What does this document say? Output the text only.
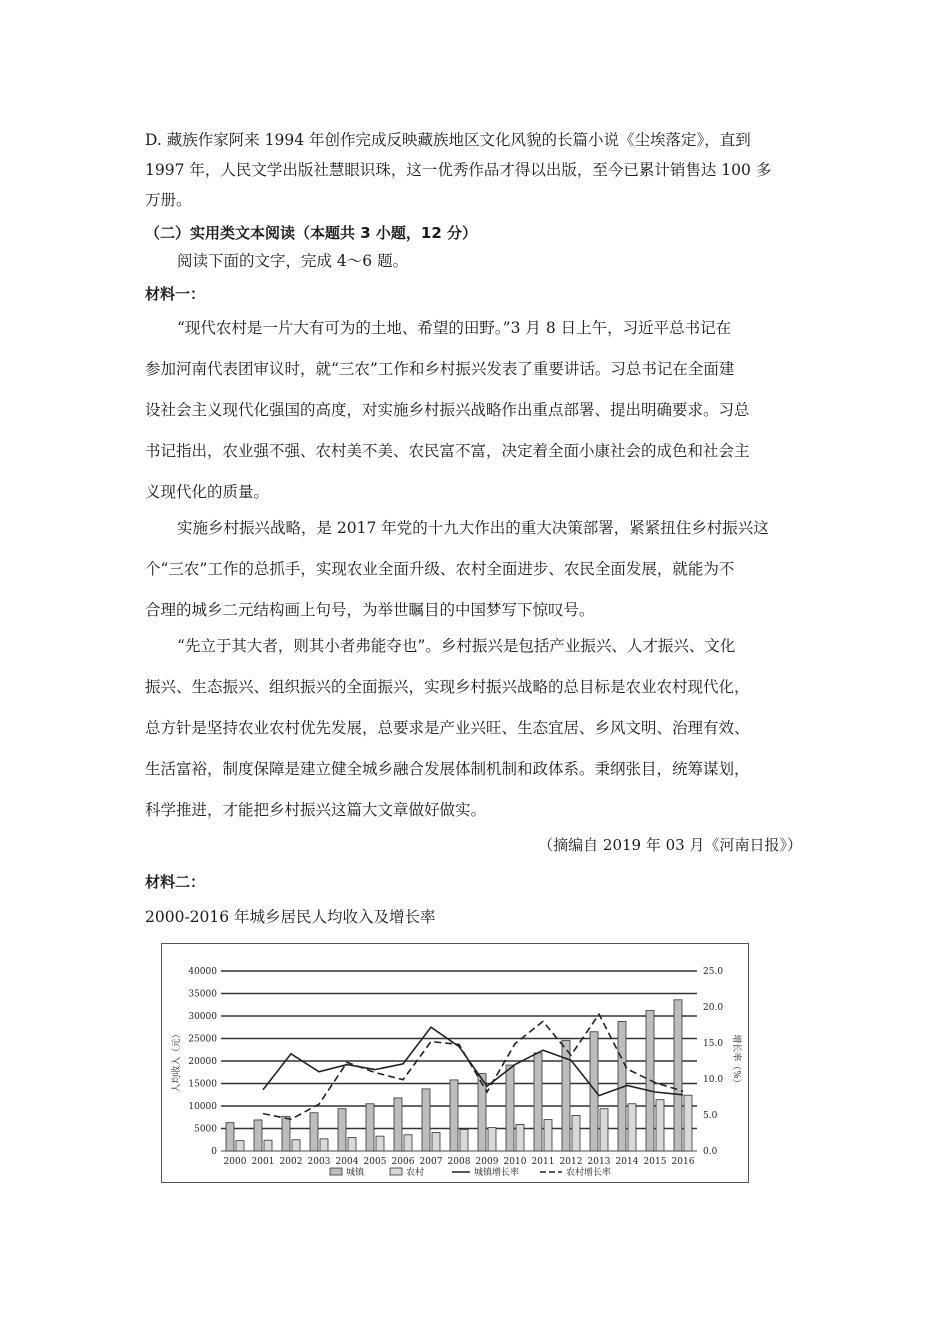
D. 藏族作家阿来 1994 年创作完成反映藏族地区文化风貌的长篇小说《尘埃落定》，直到
1997 年，人民文学出版社慧眼识珠，这一优秀作品才得以出版，至今已累计销售达 100 多
万册。
（二）实用类文本阅读（本题共 3 小题，12 分）
阅读下面的文字，完成 4～6 题。
材料一：
“现代农村是一片大有可为的土地、希望的田野。”3 月 8 日上午，习近平总书记在
参加河南代表团审议时，就“三农”工作和乡村振兴发表了重要讲话。习总书记在全面建
设社会主义现代化强国的高度，对实施乡村振兴战略作出重点部署、提出明确要求。习总
书记指出，农业强不强、农村美不美、农民富不富，决定着全面小康社会的成色和社会主
义现代化的质量。
实施乡村振兴战略，是 2017 年党的十九大作出的重大决策部署，紧紧扭住乡村振兴这
个“三农”工作的总抓手，实现农业全面升级、农村全面进步、农民全面发展，就能为不
合理的城乡二元结构画上句号，为举世瞩目的中国梦写下惊叹号。
“先立于其大者，则其小者弗能夺也”。乡村振兴是包括产业振兴、人才振兴、文化
振兴、生态振兴、组织振兴的全面振兴，实现乡村振兴战略的总目标是农业农村现代化，
总方针是坚持农业农村优先发展，总要求是产业兴旺、生态宜居、乡风文明、治理有效、
生活富裕，制度保障是建立健全城乡融合发展体制机制和政体系。秉纲张目，统筹谋划，
科学推进，才能把乡村振兴这篇大文章做好做实。
（摘编自 2019 年 03 月《河南日报》）
材料二：
2000-2016 年城乡居民人均收入及增长率
0
5000
10000
15000
20000
25000
30000
35000
40000
0.0
5.0
10.0
15.0
20.0
25.0
人均收入（元）	增长率（%）
2000 2001 2002 2003 2004 2005 2006 2007 2008 2009 2010 2011 2012 2013 2014 2015 2016
城镇	农村	城镇增长率	农村增长率
